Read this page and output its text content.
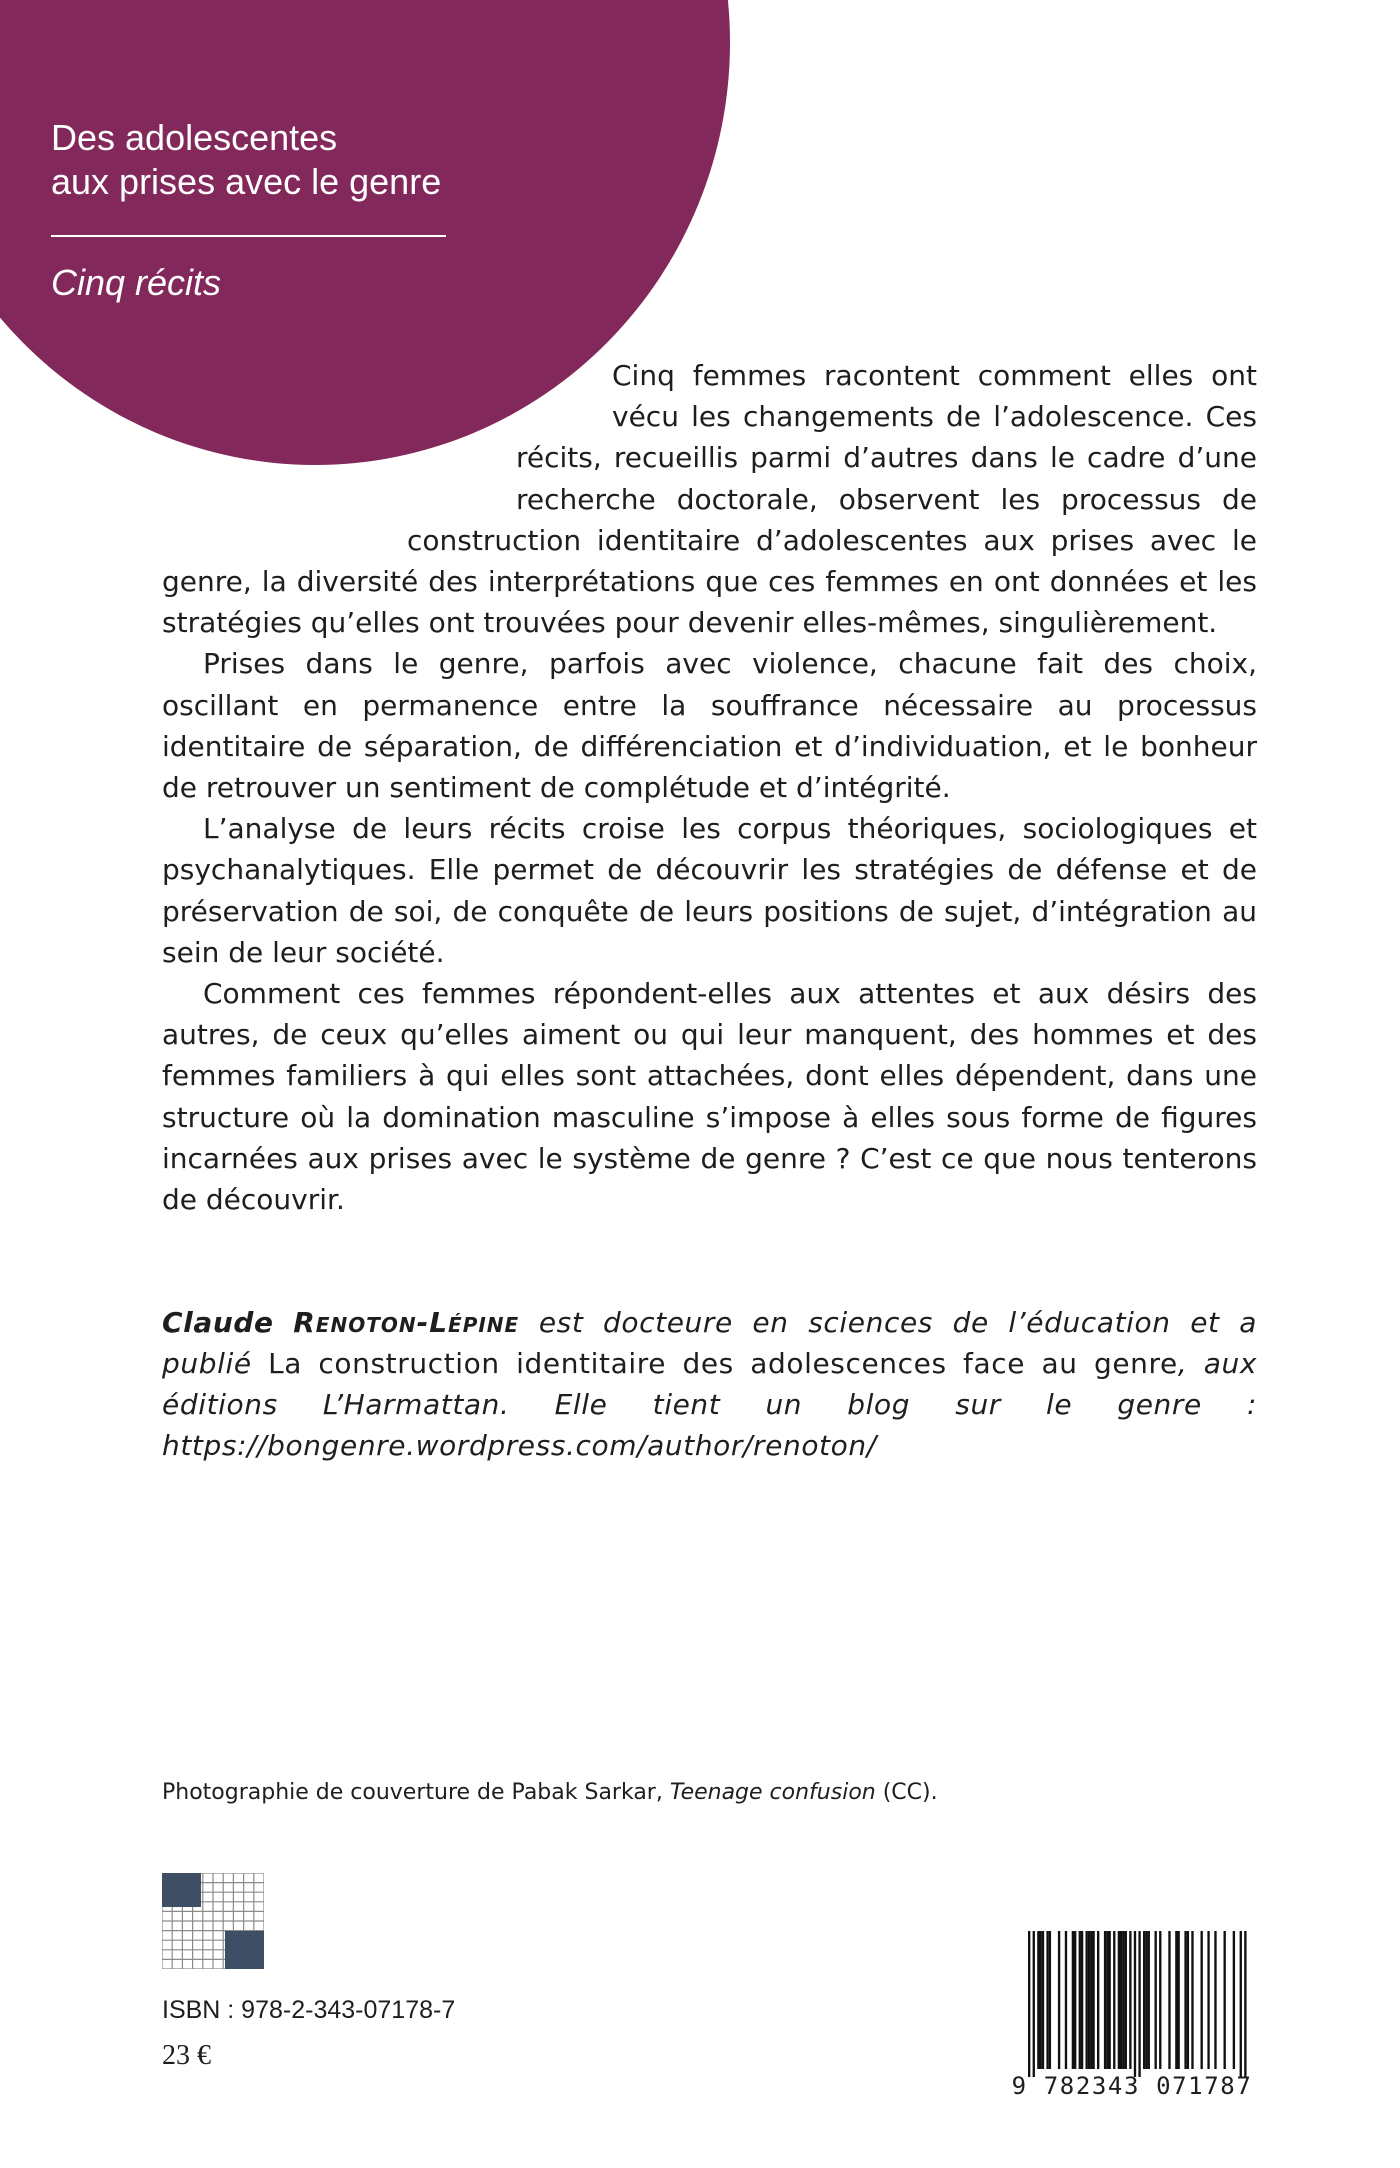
Des adolescentes
aux prises avec le genre
Cinq récits

Cinq femmes racontent comment elles ont vécu les changements de l’adolescence. Ces récits, recueillis parmi d’autres dans le cadre d’une recherche doctorale, observent les processus de construction identitaire d’adolescentes aux prises avec le genre, la diversité des interprétations que ces femmes en ont données et les stratégies qu’elles ont trouvées pour devenir elles-mêmes, singulièrement.

Prises dans le genre, parfois avec violence, chacune fait des choix, oscillant en permanence entre la souffrance nécessaire au processus identitaire de séparation, de différenciation et d’individuation, et le bonheur de retrouver un sentiment de complétude et d’intégrité.

L’analyse de leurs récits croise les corpus théoriques, sociologiques et psychanalytiques. Elle permet de découvrir les stratégies de défense et de préservation de soi, de conquête de leurs positions de sujet, d’intégration au sein de leur société.

Comment ces femmes répondent-elles aux attentes et aux désirs des autres, de ceux qu’elles aiment ou qui leur manquent, des hommes et des femmes familiers à qui elles sont attachées, dont elles dépendent, dans une structure où la domination masculine s’impose à elles sous forme de figures incarnées aux prises avec le système de genre ? C’est ce que nous tenterons de découvrir.

Claude Renoton-Lépine est docteure en sciences de l’éducation et a publié La construction identitaire des adolescences face au genre, aux éditions L’Harmattan. Elle tient un blog sur le genre : https://bongenre.wordpress.com/author/renoton/

Photographie de couverture de Pabak Sarkar, Teenage confusion (CC).
ISBN : 978-2-343-07178-7
23 €
9 782343 071787
